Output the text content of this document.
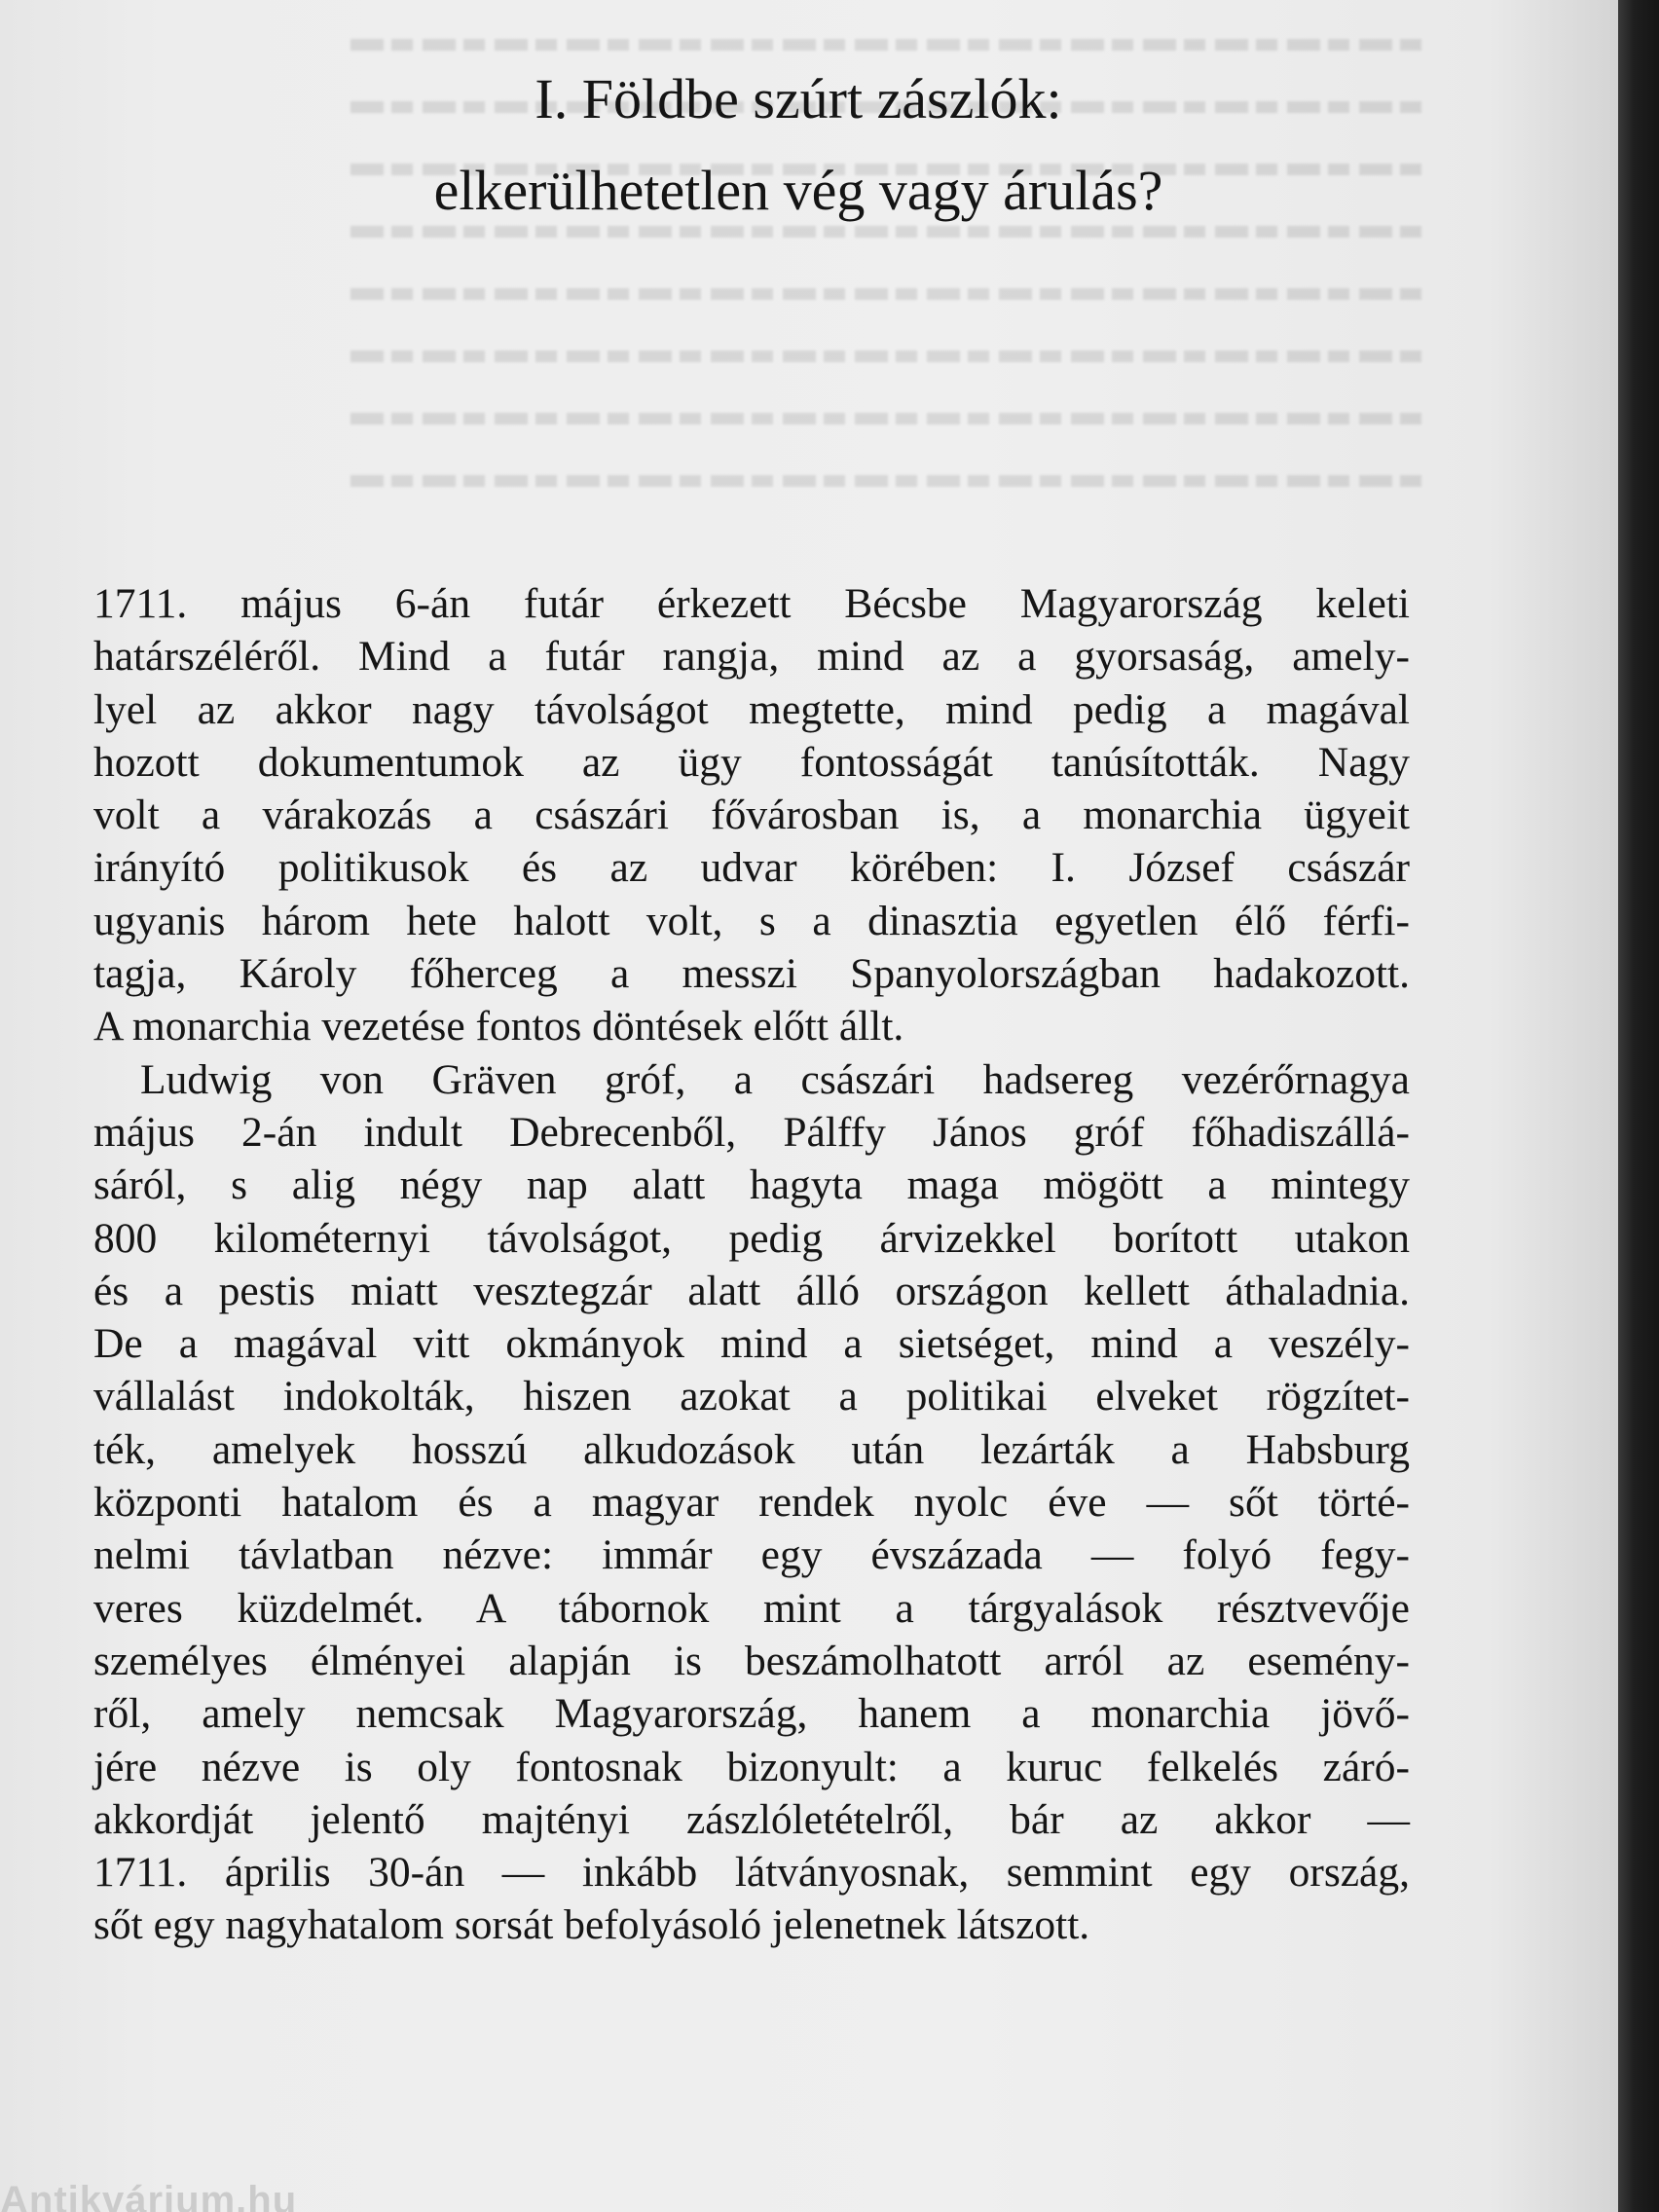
I. Földbe szúrt zászlók:
elkerülhetetlen vég vagy árulás?
1711. május 6-án futár érkezett Bécsbe Magyarország keleti
határszéléről. Mind a futár rangja, mind az a gyorsaság, amely-
lyel az akkor nagy távolságot megtette, mind pedig a magával
hozott dokumentumok az ügy fontosságát tanúsították. Nagy
volt a várakozás a császári fővárosban is, a monarchia ügyeit
irányító politikusok és az udvar körében: I. József császár
ugyanis három hete halott volt, s a dinasztia egyetlen élő férfi-
tagja, Károly főherceg a messzi Spanyolországban hadakozott.
A monarchia vezetése fontos döntések előtt állt.
Ludwig von Gräven gróf, a császári hadsereg vezérőrnagya
május 2-án indult Debrecenből, Pálffy János gróf főhadiszállá-
sáról, s alig négy nap alatt hagyta maga mögött a mintegy
800 kilométernyi távolságot, pedig árvizekkel borított utakon
és a pestis miatt vesztegzár alatt álló országon kellett áthaladnia.
De a magával vitt okmányok mind a sietséget, mind a veszély-
vállalást indokolták, hiszen azokat a politikai elveket rögzítet-
ték, amelyek hosszú alkudozások után lezárták a Habsburg
központi hatalom és a magyar rendek nyolc éve — sőt törté-
nelmi távlatban nézve: immár egy évszázada — folyó fegy-
veres küzdelmét. A tábornok mint a tárgyalások résztvevője
személyes élményei alapján is beszámolhatott arról az esemény-
ről, amely nemcsak Magyarország, hanem a monarchia jövő-
jére nézve is oly fontosnak bizonyult: a kuruc felkelés záró-
akkordját jelentő majtényi zászlóletételről, bár az akkor —
1711. április 30-án — inkább látványosnak, semmint egy ország,
sőt egy nagyhatalom sorsát befolyásoló jelenetnek látszott.
Antikvárium.hu
